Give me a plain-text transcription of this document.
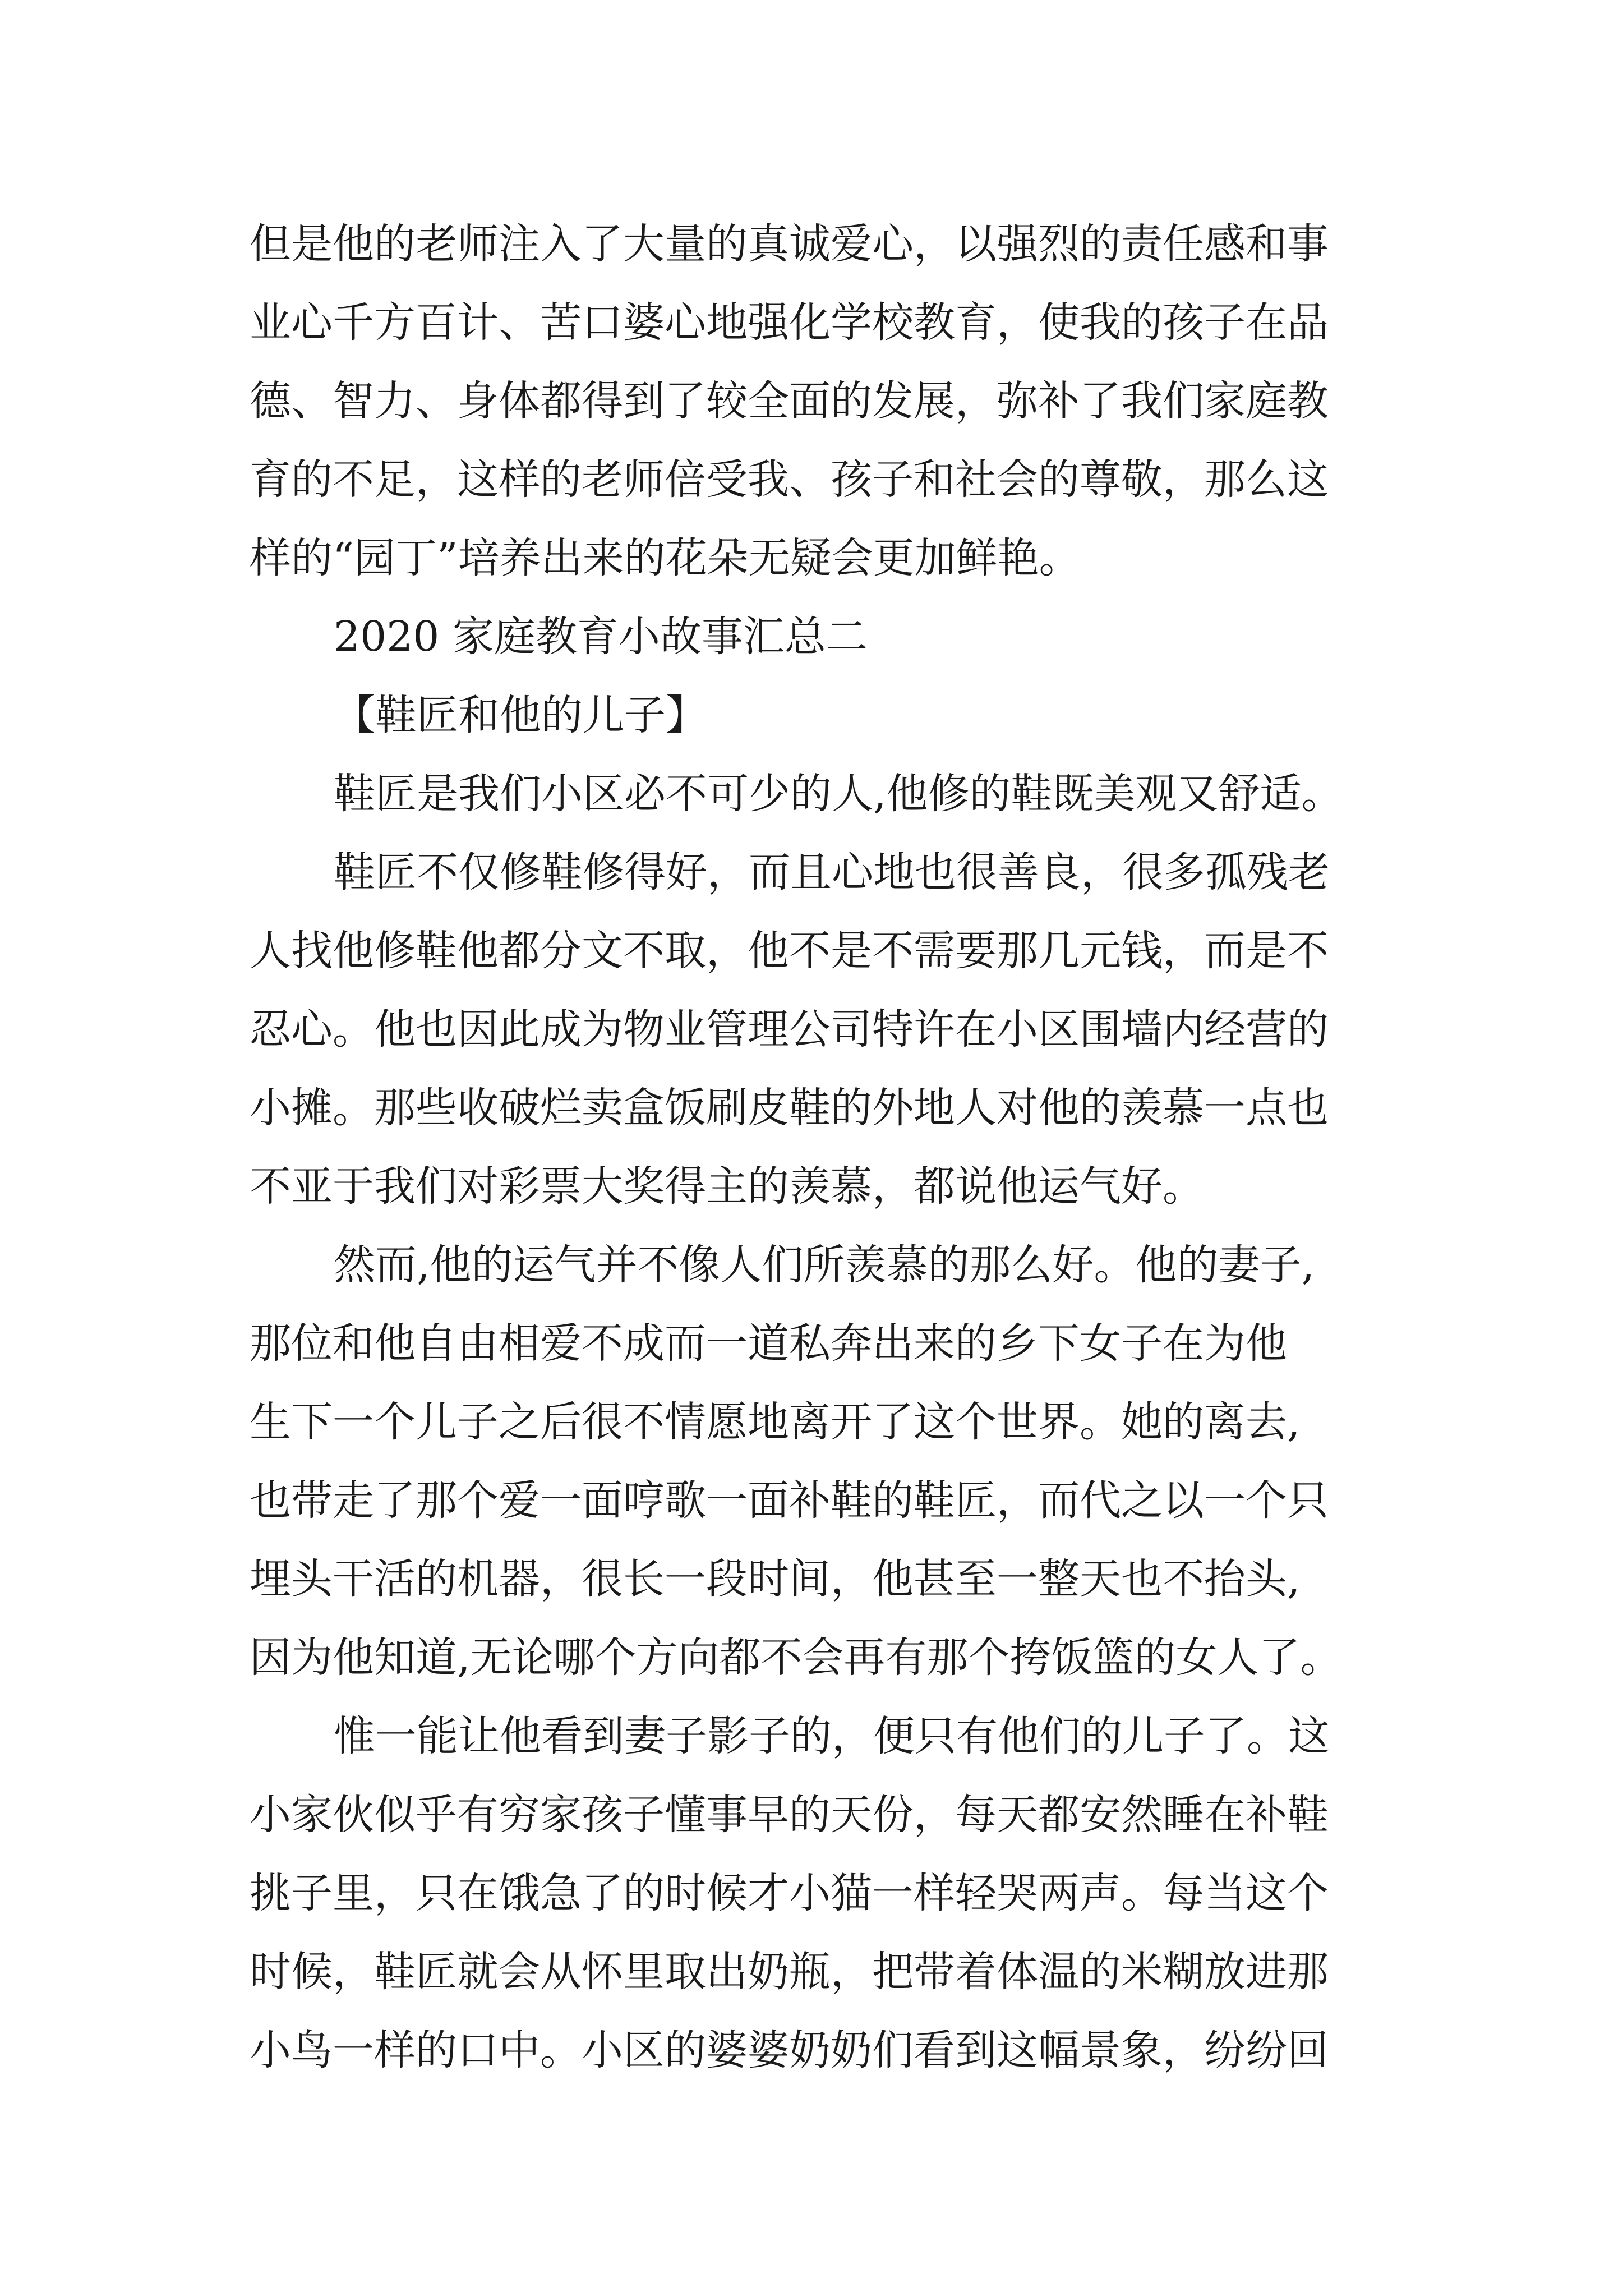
但是他的老师注入了大量的真诚爱心，以强烈的责任感和事

业心千方百计、苦口婆心地强化学校教育，使我的孩子在品

德、智力、身体都得到了较全面的发展，弥补了我们家庭教

育的不足，这样的老师倍受我、孩子和社会的尊敬，那么这

样的“园丁”培养出来的花朵无疑会更加鲜艳。

2020 家庭教育小故事汇总二

【鞋匠和他的儿子】

鞋匠是我们小区必不可少的人,他修的鞋既美观又舒适。

鞋匠不仅修鞋修得好，而且心地也很善良，很多孤残老

人找他修鞋他都分文不取，他不是不需要那几元钱，而是不

忍心。他也因此成为物业管理公司特许在小区围墙内经营的

小摊。那些收破烂卖盒饭刷皮鞋的外地人对他的羡慕一点也

不亚于我们对彩票大奖得主的羡慕，都说他运气好。

然而,他的运气并不像人们所羡慕的那么好。他的妻子,

那位和他自由相爱不成而一道私奔出来的乡下女子在为他

生下一个儿子之后很不情愿地离开了这个世界。她的离去,

也带走了那个爱一面哼歌一面补鞋的鞋匠，而代之以一个只

埋头干活的机器，很长一段时间，他甚至一整天也不抬头,

因为他知道,无论哪个方向都不会再有那个挎饭篮的女人了。

惟一能让他看到妻子影子的，便只有他们的儿子了。这

小家伙似乎有穷家孩子懂事早的天份，每天都安然睡在补鞋

挑子里，只在饿急了的时候才小猫一样轻哭两声。每当这个

时候，鞋匠就会从怀里取出奶瓶，把带着体温的米糊放进那

小鸟一样的口中。小区的婆婆奶奶们看到这幅景象，纷纷回
